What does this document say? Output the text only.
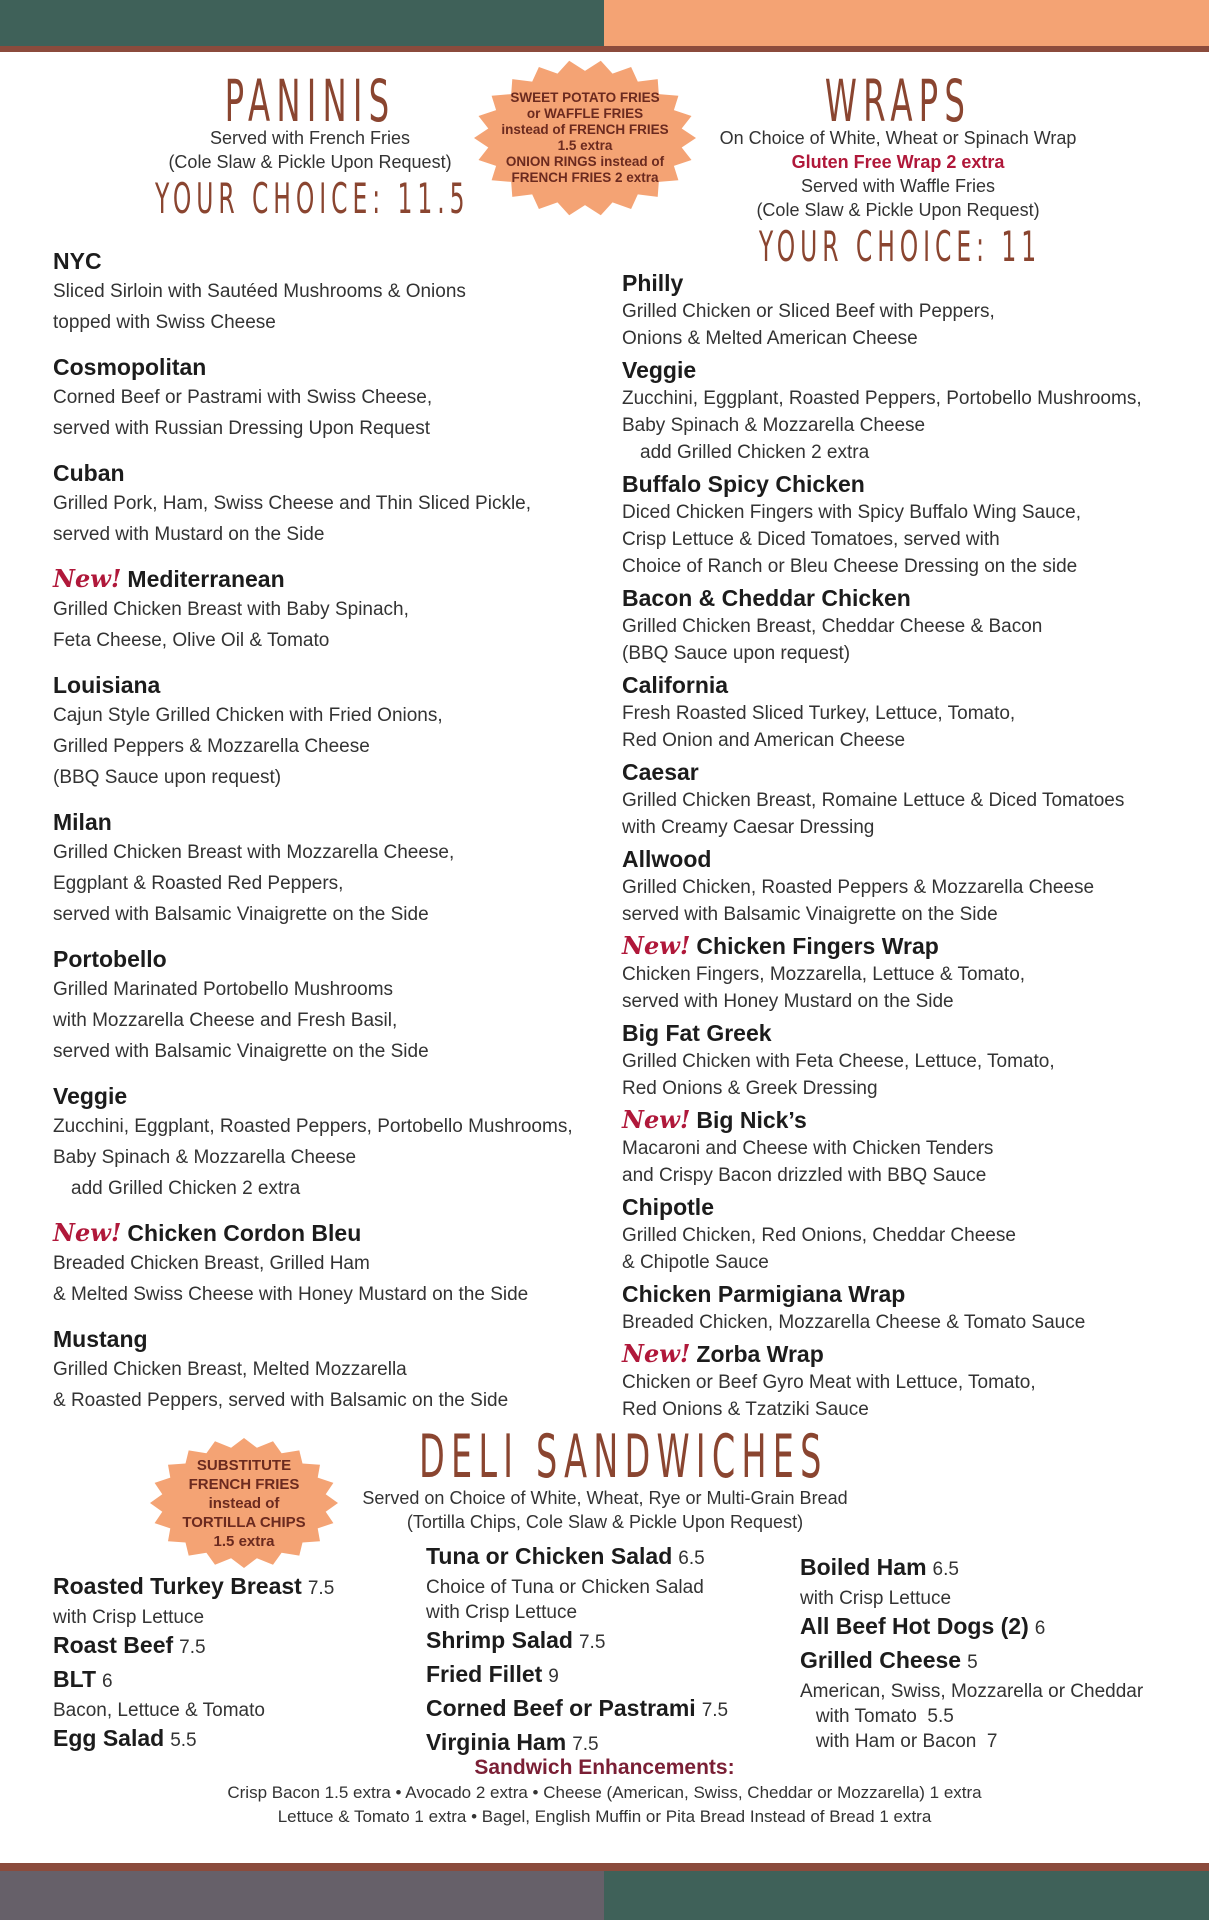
PANINIS
Served with French Fries
(Cole Slaw & Pickle Upon Request)
YOUR CHOICE: 11.5
SWEET POTATO FRIES
or WAFFLE FRIES
instead of FRENCH FRIES
1.5 extra
ONION RINGS instead of
FRENCH FRIES 2 extra
WRAPS
On Choice of White, Wheat or Spinach Wrap
Gluten Free Wrap 2 extra
Served with Waffle Fries
(Cole Slaw & Pickle Upon Request)
YOUR CHOICE: 11
NYC
Sliced Sirloin with Sautéed Mushrooms & Onions
topped with Swiss Cheese
Cosmopolitan
Corned Beef or Pastrami with Swiss Cheese,
served with Russian Dressing Upon Request
Cuban
Grilled Pork, Ham, Swiss Cheese and Thin Sliced Pickle,
served with Mustard on the Side
New! Mediterranean
Grilled Chicken Breast with Baby Spinach,
Feta Cheese, Olive Oil & Tomato
Louisiana
Cajun Style Grilled Chicken with Fried Onions,
Grilled Peppers & Mozzarella Cheese
(BBQ Sauce upon request)
Milan
Grilled Chicken Breast with Mozzarella Cheese,
Eggplant & Roasted Red Peppers,
served with Balsamic Vinaigrette on the Side
Portobello
Grilled Marinated Portobello Mushrooms
with Mozzarella Cheese and Fresh Basil,
served with Balsamic Vinaigrette on the Side
Veggie
Zucchini, Eggplant, Roasted Peppers, Portobello Mushrooms,
Baby Spinach & Mozzarella Cheese
add Grilled Chicken 2 extra
New! Chicken Cordon Bleu
Breaded Chicken Breast, Grilled Ham
& Melted Swiss Cheese with Honey Mustard on the Side
Mustang
Grilled Chicken Breast, Melted Mozzarella
& Roasted Peppers, served with Balsamic on the Side
Philly
Grilled Chicken or Sliced Beef with Peppers,
Onions & Melted American Cheese
Veggie
Zucchini, Eggplant, Roasted Peppers, Portobello Mushrooms,
Baby Spinach & Mozzarella Cheese
add Grilled Chicken 2 extra
Buffalo Spicy Chicken
Diced Chicken Fingers with Spicy Buffalo Wing Sauce,
Crisp Lettuce & Diced Tomatoes, served with
Choice of Ranch or Bleu Cheese Dressing on the side
Bacon & Cheddar Chicken
Grilled Chicken Breast, Cheddar Cheese & Bacon
(BBQ Sauce upon request)
California
Fresh Roasted Sliced Turkey, Lettuce, Tomato,
Red Onion and American Cheese
Caesar
Grilled Chicken Breast, Romaine Lettuce & Diced Tomatoes
with Creamy Caesar Dressing
Allwood
Grilled Chicken, Roasted Peppers & Mozzarella Cheese
served with Balsamic Vinaigrette on the Side
New! Chicken Fingers Wrap
Chicken Fingers, Mozzarella, Lettuce & Tomato,
served with Honey Mustard on the Side
Big Fat Greek
Grilled Chicken with Feta Cheese, Lettuce, Tomato,
Red Onions & Greek Dressing
New! Big Nick’s
Macaroni and Cheese with Chicken Tenders
and Crispy Bacon drizzled with BBQ Sauce
Chipotle
Grilled Chicken, Red Onions, Cheddar Cheese
& Chipotle Sauce
Chicken Parmigiana Wrap
Breaded Chicken, Mozzarella Cheese & Tomato Sauce
New! Zorba Wrap
Chicken or Beef Gyro Meat with Lettuce, Tomato,
Red Onions & Tzatziki Sauce
SUBSTITUTE
FRENCH FRIES
instead of
TORTILLA CHIPS
1.5 extra
DELI SANDWICHES
Served on Choice of White, Wheat, Rye or Multi-Grain Bread
(Tortilla Chips, Cole Slaw & Pickle Upon Request)
Roasted Turkey Breast 7.5
with Crisp Lettuce
Roast Beef 7.5
BLT 6
Bacon, Lettuce & Tomato
Egg Salad 5.5
Tuna or Chicken Salad 6.5
Choice of Tuna or Chicken Salad
with Crisp Lettuce
Shrimp Salad 7.5
Fried Fillet 9
Corned Beef or Pastrami 7.5
Virginia Ham 7.5
Boiled Ham 6.5
with Crisp Lettuce
All Beef Hot Dogs (2) 6
Grilled Cheese 5
American, Swiss, Mozzarella or Cheddar
with Tomato  5.5
with Ham or Bacon  7
Sandwich Enhancements:
Crisp Bacon 1.5 extra • Avocado 2 extra • Cheese (American, Swiss, Cheddar or Mozzarella) 1 extra
Lettuce & Tomato 1 extra • Bagel, English Muffin or Pita Bread Instead of Bread 1 extra
